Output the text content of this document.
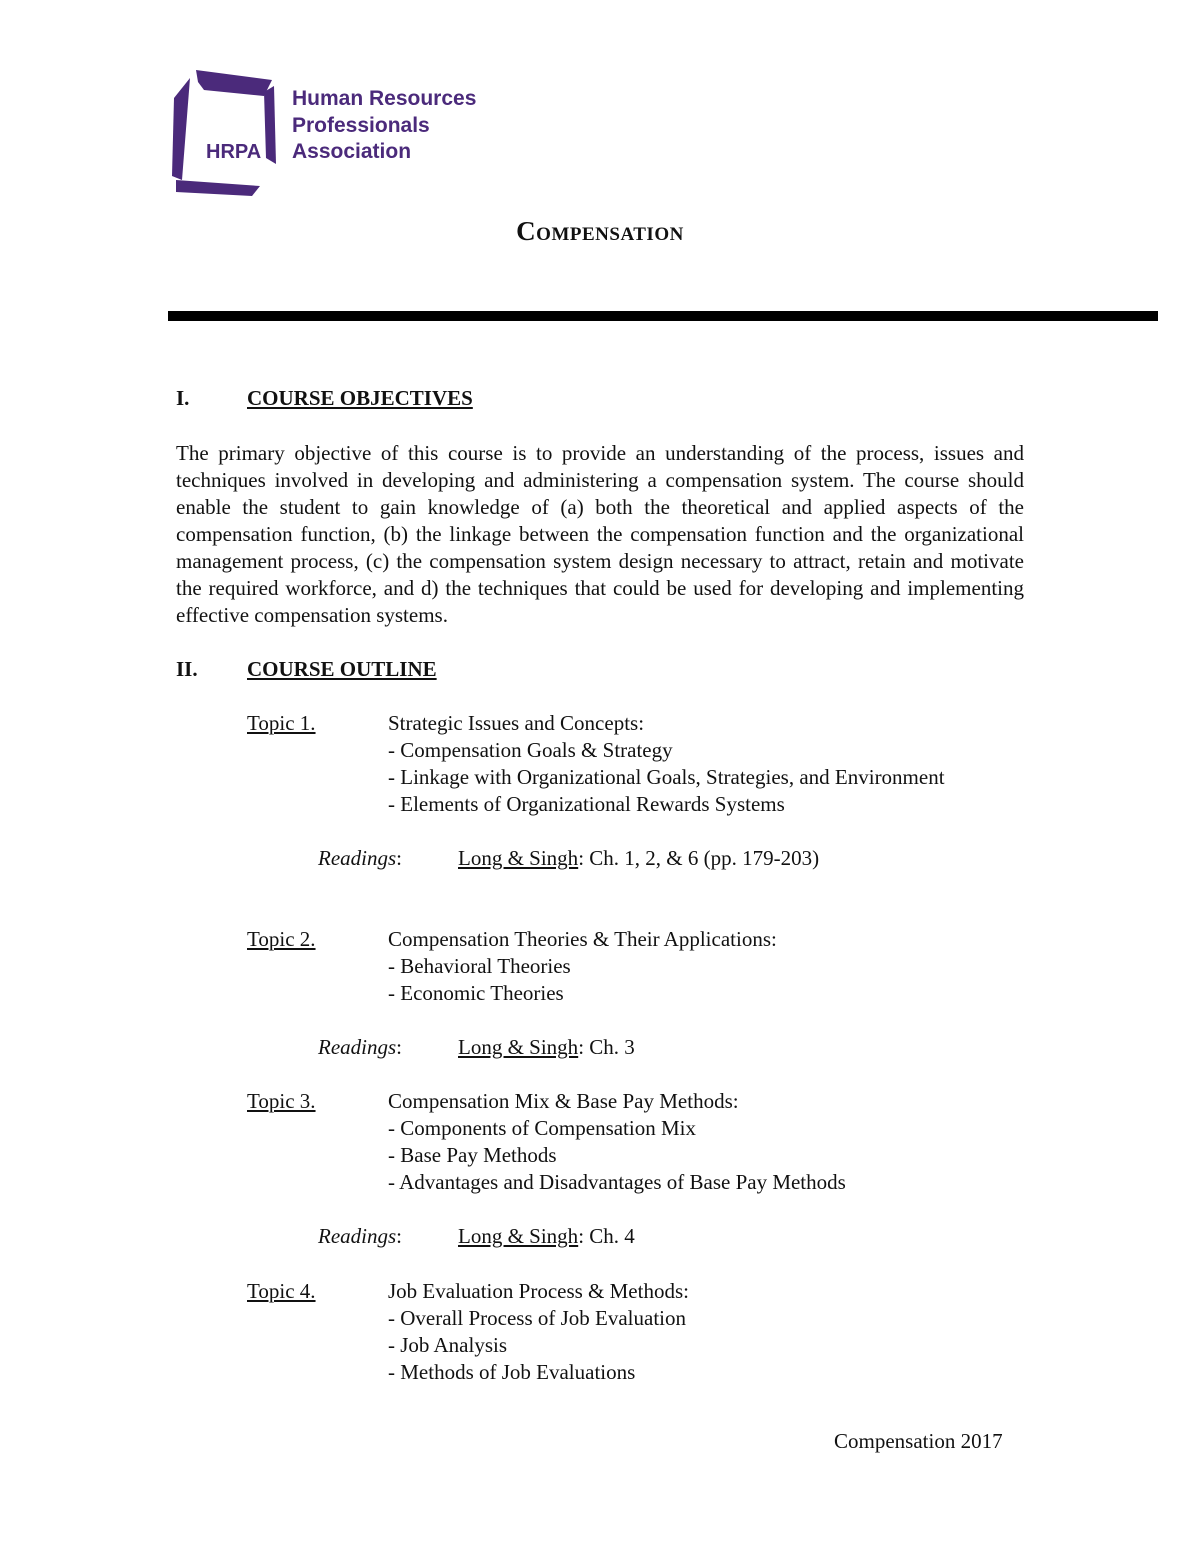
HRPA
Human Resources
Professionals
Association
Compensation
I.	COURSE OBJECTIVES
The primary objective of this course is to provide an understanding of the process, issues and techniques involved in developing and administering a compensation system. The course should enable the student to gain knowledge of (a) both the theoretical and applied aspects of the compensation function, (b) the linkage between the compensation function and the organizational management process, (c) the compensation system design necessary to attract, retain and motivate the required workforce, and d) the techniques that could be used for developing and implementing effective compensation systems.
II. COURSE OUTLINE
Topic 1.	Strategic Issues and Concepts:
- Compensation Goals & Strategy
- Linkage with Organizational Goals, Strategies, and Environment
- Elements of Organizational Rewards Systems
Readings:	Long & Singh: Ch. 1, 2, & 6 (pp. 179-203)
Topic 2.	Compensation Theories & Their Applications:
- Behavioral Theories
- Economic Theories
Readings:	Long & Singh: Ch. 3
Topic 3.	Compensation Mix & Base Pay Methods:
- Components of Compensation Mix
- Base Pay Methods
- Advantages and Disadvantages of Base Pay Methods
Readings:	Long & Singh: Ch. 4
Topic 4.	Job Evaluation Process & Methods:
- Overall Process of Job Evaluation
- Job Analysis
- Methods of Job Evaluations
Compensation 2017
